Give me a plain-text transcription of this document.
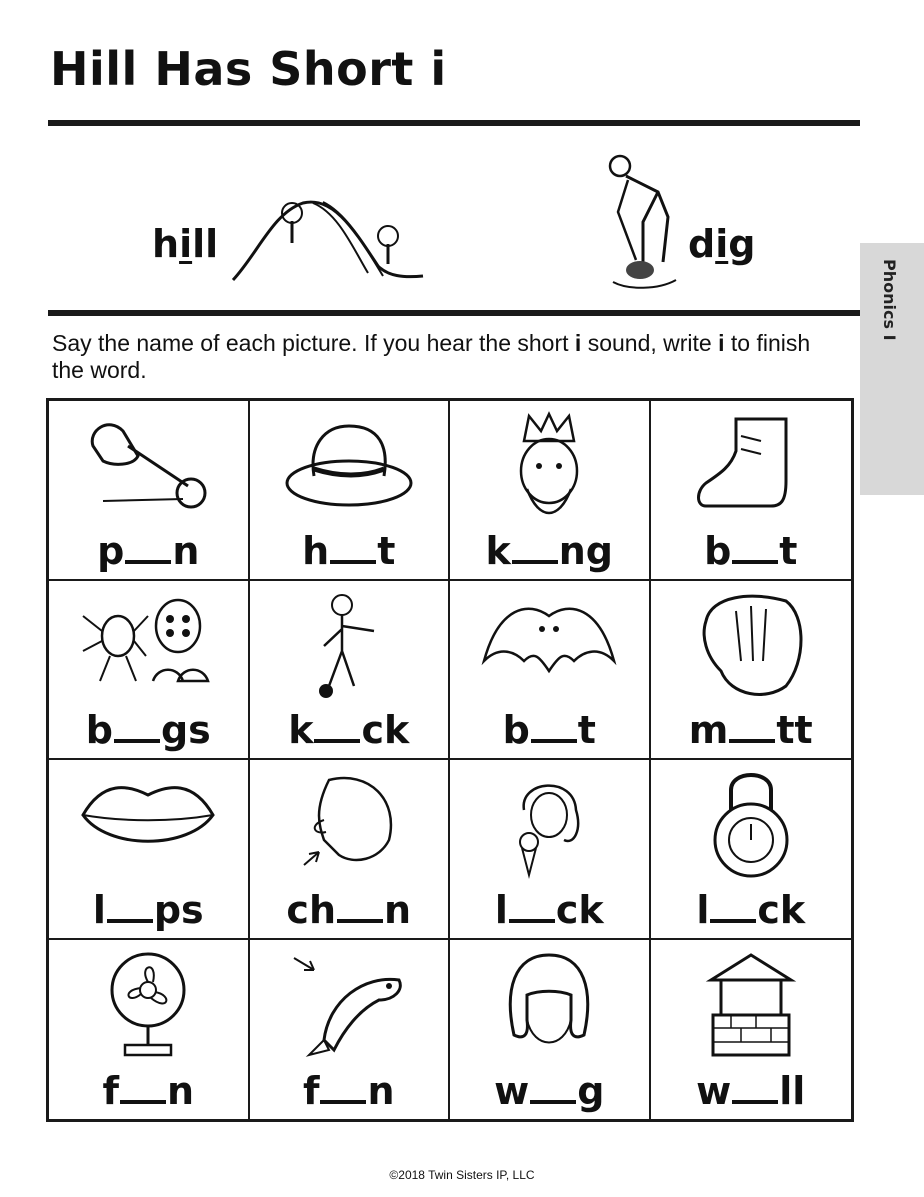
Hill Has Short i
hill	dig
Phonics I

Say the name of each picture. If you hear the short i sound, write i to finish the word.

p n	h t	k ng	b t
b gs	k ck	b t	m tt
l ps	ch n	l ck	l ck
f n	f n	w g	w ll
©2018 Twin Sisters IP, LLC
